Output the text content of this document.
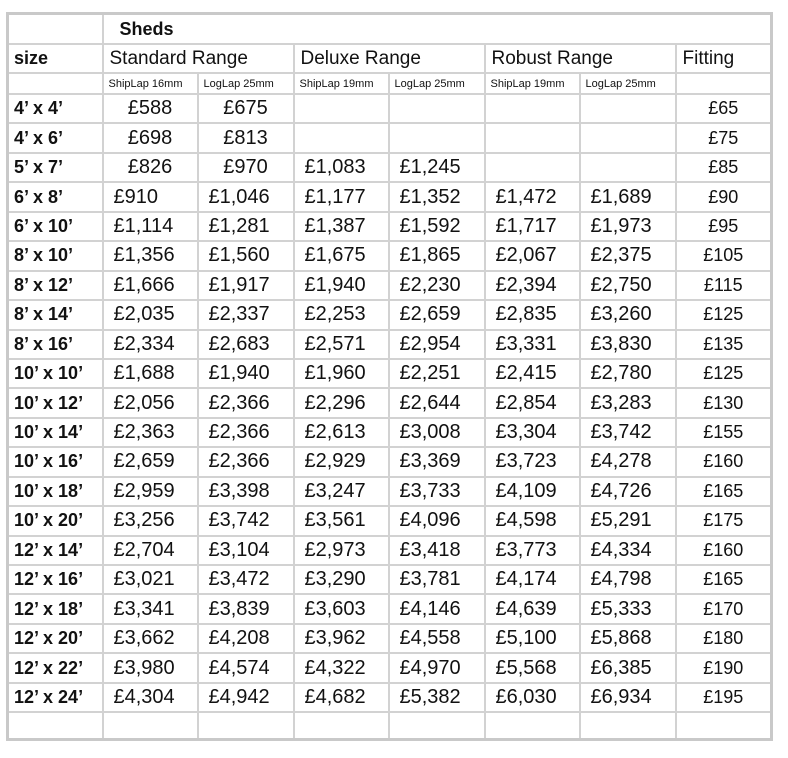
	Sheds						
size	Standard Range		Deluxe Range		Robust Range		Fitting
	ShipLap 16mm	LogLap 25mm	ShipLap 19mm	LogLap 25mm	ShipLap 19mm	LogLap 25mm	
4’ x 4’	£588	£675					£65
4’ x 6’	£698	£813					£75
5’ x 7’	£826	£970	£1,083	£1,245			£85
6’ x 8’	£910	£1,046	£1,177	£1,352	£1,472	£1,689	£90
6’ x 10’	£1,114	£1,281	£1,387	£1,592	£1,717	£1,973	£95
8’ x 10’	£1,356	£1,560	£1,675	£1,865	£2,067	£2,375	£105
8’ x 12’	£1,666	£1,917	£1,940	£2,230	£2,394	£2,750	£115
8’ x 14’	£2,035	£2,337	£2,253	£2,659	£2,835	£3,260	£125
8’ x 16’	£2,334	£2,683	£2,571	£2,954	£3,331	£3,830	£135
10’ x 10’	£1,688	£1,940	£1,960	£2,251	£2,415	£2,780	£125
10’ x 12’	£2,056	£2,366	£2,296	£2,644	£2,854	£3,283	£130
10’ x 14’	£2,363	£2,366	£2,613	£3,008	£3,304	£3,742	£155
10’ x 16’	£2,659	£2,366	£2,929	£3,369	£3,723	£4,278	£160
10’ x 18’	£2,959	£3,398	£3,247	£3,733	£4,109	£4,726	£165
10’ x 20’	£3,256	£3,742	£3,561	£4,096	£4,598	£5,291	£175
12’ x 14’	£2,704	£3,104	£2,973	£3,418	£3,773	£4,334	£160
12’ x 16’	£3,021	£3,472	£3,290	£3,781	£4,174	£4,798	£165
12’ x 18’	£3,341	£3,839	£3,603	£4,146	£4,639	£5,333	£170
12’ x 20’	£3,662	£4,208	£3,962	£4,558	£5,100	£5,868	£180
12’ x 22’	£3,980	£4,574	£4,322	£4,970	£5,568	£6,385	£190
12’ x 24’	£4,304	£4,942	£4,682	£5,382	£6,030	£6,934	£195
